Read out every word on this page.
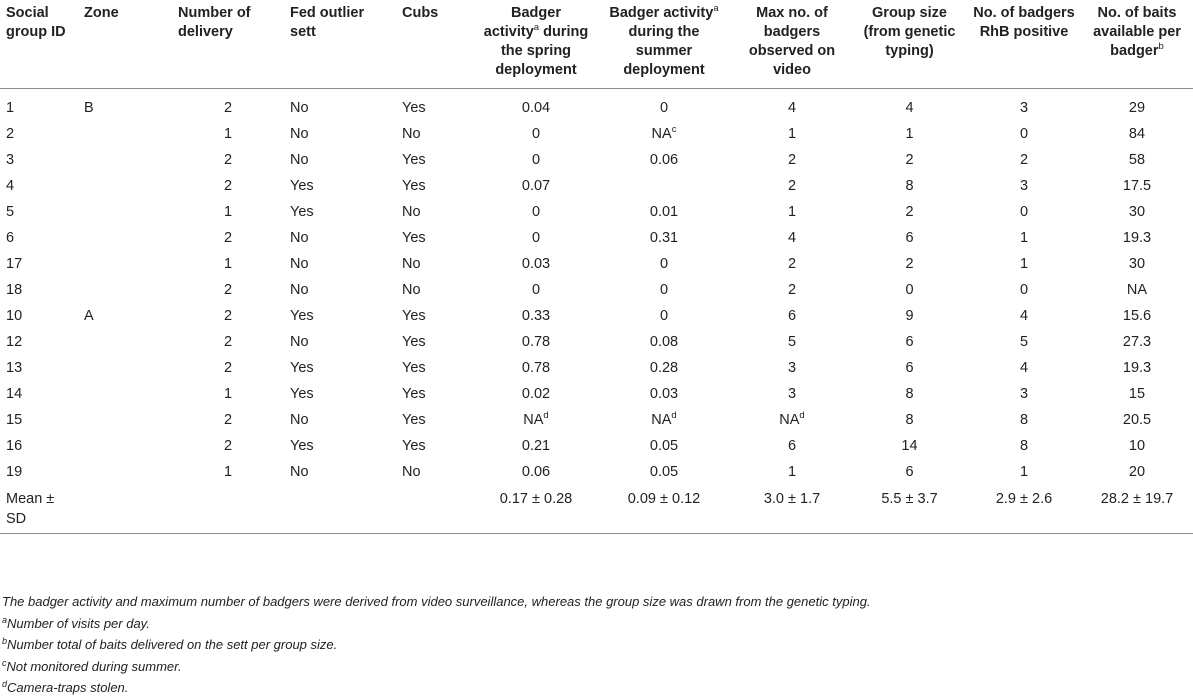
Social group ID	Zone	Number of delivery	Fed outlier sett	Cubs	Badger activity$^a$ during the spring deployment	Badger activity$^a$ during the summer deployment	Max no. of badgers observed on video	Group size (from genetic typing)	No. of badgers RhB positive	No. of baits available per badger$^b$
1	B	2	No	Yes	0.04	0	4	4	3	29
2		1	No	No	0	$NA^c$	1	1	0	84
3		2	No	Yes	0	0.06	2	2	2	58
4		2	Yes	Yes	0.07		2	8	3	17.5
5		1	Yes	No	0	0.01	1	2	0	30
6		2	No	Yes	0	0.31	4	6	1	19.3
17		1	No	No	0.03	0	2	2	1	30
18		2	No	No	0	0	2	0	0	NA
10	A	2	Yes	Yes	0.33	0	6	9	4	15.6
12		2	No	Yes	0.78	0.08	5	6	5	27.3
13		2	Yes	Yes	0.78	0.28	3	6	4	19.3
14		1	Yes	Yes	0.02	0.03	3	8	3	15
15		2	No	Yes	$NA^d$	$NA^d$	$NA^d$	8	8	20.5
16		2	Yes	Yes	0.21	0.05	6	14	8	10
19		1	No	No	0.06	0.05	1	6	1	20
Mean ± SD					0.17 ± 0.28	0.09 ± 0.12	3.0 ± 1.7	5.5 ± 3.7	2.9 ± 2.6	28.2 ± 19.7
The badger activity and maximum number of badgers were derived from video surveillance, whereas the group size was drawn from the genetic typing.
$^a$Number of visits per day.
$^b$Number total of baits delivered on the sett per group size.
$^c$Not monitored during summer.
$^d$Camera-traps stolen.
